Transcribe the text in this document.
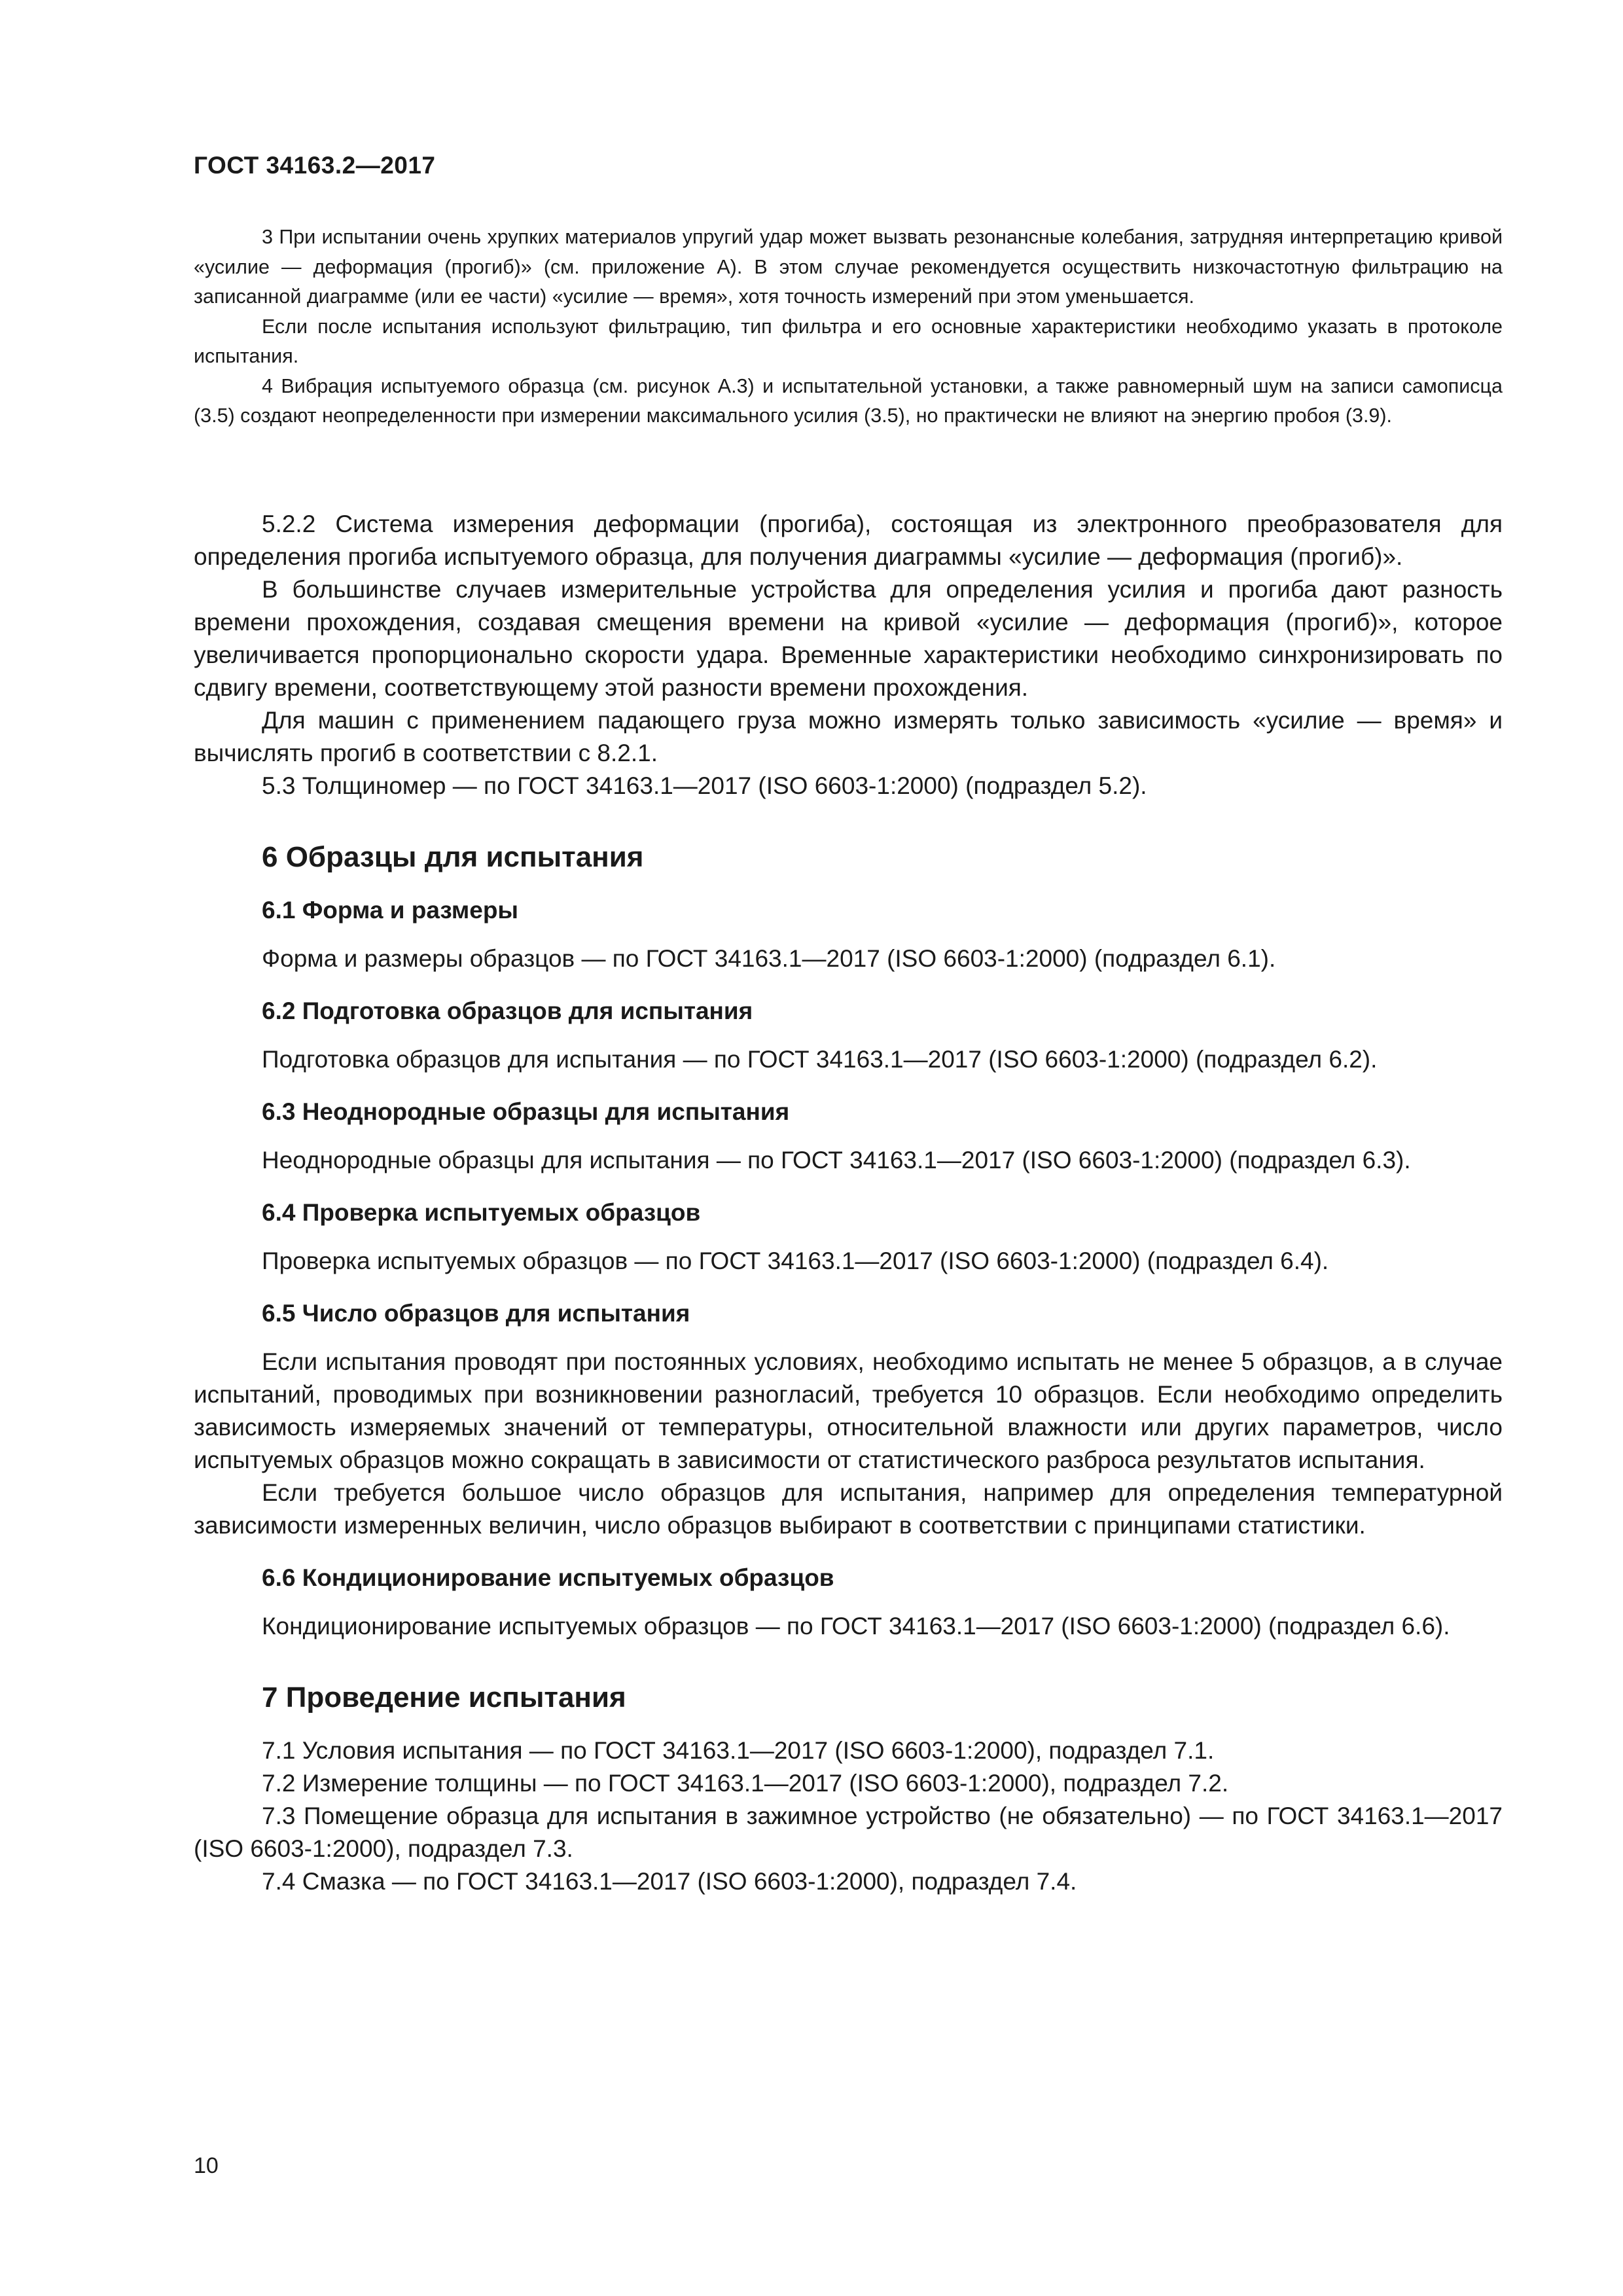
ГОСТ 34163.2—2017

3 При испытании очень хрупких материалов упругий удар может вызвать резонансные колебания, затрудняя интерпретацию кривой «усилие — деформация (прогиб)» (см. приложение А). В этом случае рекомендуется осуществить низкочастотную фильтрацию на записанной диаграмме (или ее части) «усилие — время», хотя точность измерений при этом уменьшается.

Если после испытания используют фильтрацию, тип фильтра и его основные характеристики необходимо указать в протоколе испытания.

4 Вибрация испытуемого образца (см. рисунок А.3) и испытательной установки, а также равномерный шум на записи самописца (3.5) создают неопределенности при измерении максимального усилия (3.5), но практически не влияют на энергию пробоя (3.9).

5.2.2 Система измерения деформации (прогиба), состоящая из электронного преобразователя для определения прогиба испытуемого образца, для получения диаграммы «усилие — деформация (прогиб)».

В большинстве случаев измерительные устройства для определения усилия и прогиба дают разность времени прохождения, создавая смещения времени на кривой «усилие — деформация (прогиб)», которое увеличивается пропорционально скорости удара. Временные характеристики необходимо синхронизировать по сдвигу времени, соответствующему этой разности времени прохождения.

Для машин с применением падающего груза можно измерять только зависимость «усилие — время» и вычислять прогиб в соответствии с 8.2.1.

5.3 Толщиномер — по ГОСТ 34163.1—2017 (ISO 6603-1:2000) (подраздел 5.2).

6 Образцы для испытания
6.1 Форма и размеры

Форма и размеры образцов — по ГОСТ 34163.1—2017 (ISO 6603-1:2000) (подраздел 6.1).

6.2 Подготовка образцов для испытания

Подготовка образцов для испытания — по ГОСТ 34163.1—2017 (ISO 6603-1:2000) (подраздел 6.2).

6.3 Неоднородные образцы для испытания

Неоднородные образцы для испытания — по ГОСТ 34163.1—2017 (ISO 6603-1:2000) (подраздел 6.3).

6.4 Проверка испытуемых образцов

Проверка испытуемых образцов — по ГОСТ 34163.1—2017 (ISO 6603-1:2000) (подраздел 6.4).

6.5 Число образцов для испытания

Если испытания проводят при постоянных условиях, необходимо испытать не менее 5 образцов, а в случае испытаний, проводимых при возникновении разногласий, требуется 10 образцов. Если необходимо определить зависимость измеряемых значений от температуры, относительной влажности или других параметров, число испытуемых образцов можно сокращать в зависимости от статистического разброса результатов испытания.

Если требуется большое число образцов для испытания, например для определения температурной зависимости измеренных величин, число образцов выбирают в соответствии с принципами статистики.

6.6 Кондиционирование испытуемых образцов

Кондиционирование испытуемых образцов — по ГОСТ 34163.1—2017 (ISO 6603-1:2000) (подраздел 6.6).

7 Проведение испытания

7.1 Условия испытания — по ГОСТ 34163.1—2017 (ISO 6603-1:2000), подраздел 7.1.

7.2 Измерение толщины — по ГОСТ 34163.1—2017 (ISO 6603-1:2000), подраздел 7.2.

7.3 Помещение образца для испытания в зажимное устройство (не обязательно) — по ГОСТ 34163.1—2017 (ISO 6603-1:2000), подраздел 7.3.

7.4 Смазка — по ГОСТ 34163.1—2017 (ISO 6603-1:2000), подраздел 7.4.

10
